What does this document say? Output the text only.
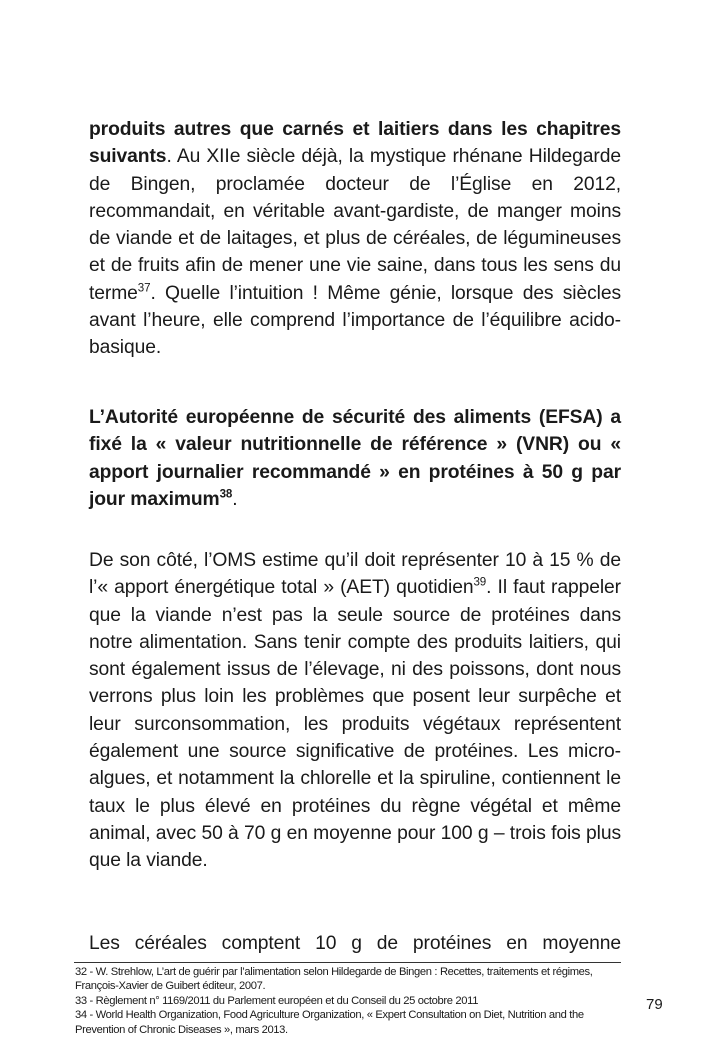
produits autres que carnés et laitiers dans les chapitres suivants. Au XIIe siècle déjà, la mystique rhénane Hildegarde de Bingen, proclamée docteur de l’Église en 2012, recommandait, en véritable avant-gardiste, de manger moins de viande et de laitages, et plus de céréales, de légumineuses et de fruits afin de mener une vie saine, dans tous les sens du terme$^{37}$. Quelle l’intuition ! Même génie, lorsque des siècles avant l’heure, elle comprend l’importance de l’équilibre acido-basique.

L’Autorité européenne de sécurité des aliments (EFSA) a fixé la « valeur nutritionnelle de référence » (VNR) ou « apport journalier recommandé » en protéines à 50 g par jour maximum$^{38}$.

De son côté, l’OMS estime qu’il doit représenter 10 à 15 % de l’« apport énergétique total » (AET) quotidien$^{39}$. Il faut rappeler que la viande n’est pas la seule source de protéines dans notre alimentation. Sans tenir compte des produits laitiers, qui sont également issus de l’élevage, ni des poissons, dont nous verrons plus loin les problèmes que posent leur surpêche et leur surconsommation, les produits végétaux représentent également une source significative de protéines. Les micro-algues, et notamment la chlorelle et la spiruline, contiennent le taux le plus élevé en protéines du règne végétal et même animal, avec 50 à 70 g en moyenne pour 100 g – trois fois plus que la viande.

Les céréales comptent 10 g de protéines en moyenne

32 - W. Strehlow, L’art de guérir par l’alimentation selon Hildegarde de Bingen : Recettes, traitements et régimes, François-Xavier de Guibert éditeur, 2007.

33 - Règlement n° 1169/2011 du Parlement européen et du Conseil du 25 octobre 2011

34 - World Health Organization, Food Agriculture Organization, « Expert Consultation on Diet, Nutrition and the Prevention of Chronic Diseases », mars 2013.

79
